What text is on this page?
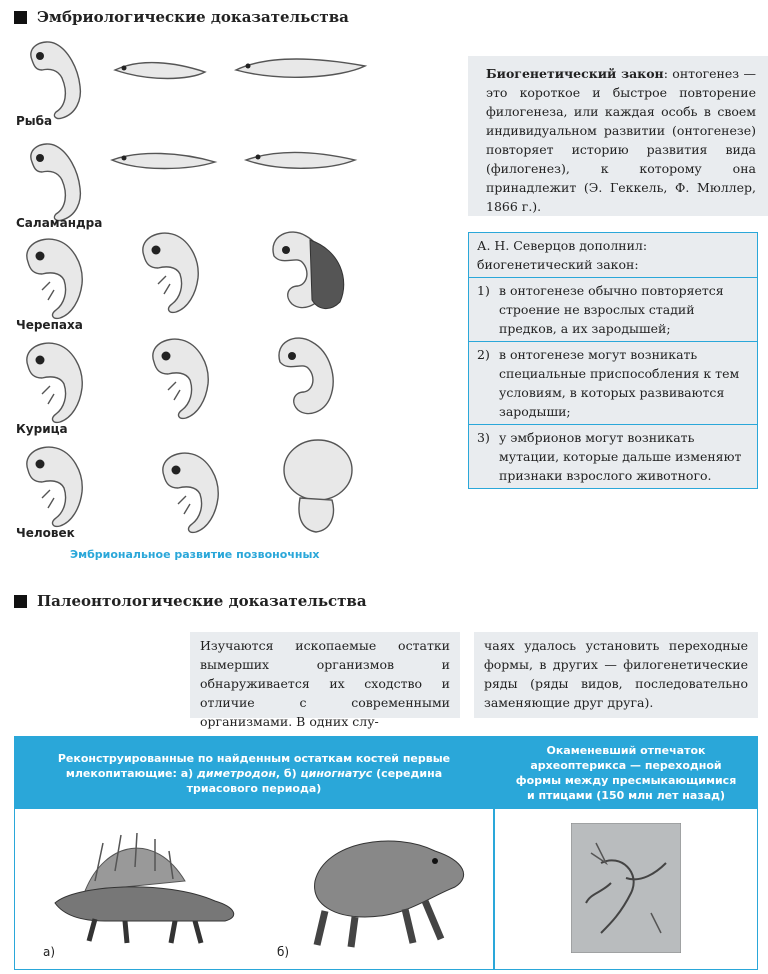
Эмбриологические доказательства
Рыба
Саламандра
Черепаха
Курица
Человек
Эмбриональное развитие позвоночных
Биогенетический закон: онтогенез — это короткое и быстрое повторение филогенеза, или каждая особь в своем индивидуальном развитии (онтогенезе) повторяет историю развития вида (филогенез), к которому она принадлежит (Э. Геккель, Ф. Мюллер, 1866 г.).
А. Н. Северцов дополнил: биогенетический закон:
1) в онтогенезе обычно повторяется строение не взрослых стадий предков, а их зародышей;
2) в онтогенезе могут возникать специальные приспособления к тем условиям, в которых развиваются зародыши;
3) у эмбрионов могут возникать мутации, которые дальше изменяют признаки взрослого животного.
Палеонтологические доказательства
Изучаются ископаемые остатки вымерших организмов и обнаруживается их сходство и отличие с современными организмами. В одних слу-
чаях удалось установить переходные формы, в других — филогенетические ряды (ряды видов, последовательно заменяющие друг друга).
Реконструированные по найденным остаткам костей первые млекопитающие: а) диметродон, б) циногнатус (середина триасового периода)
Окаменевший отпечаток археоптерикса — переходной формы между пресмыкающимися и птицами (150 млн лет назад)
а)	б)
